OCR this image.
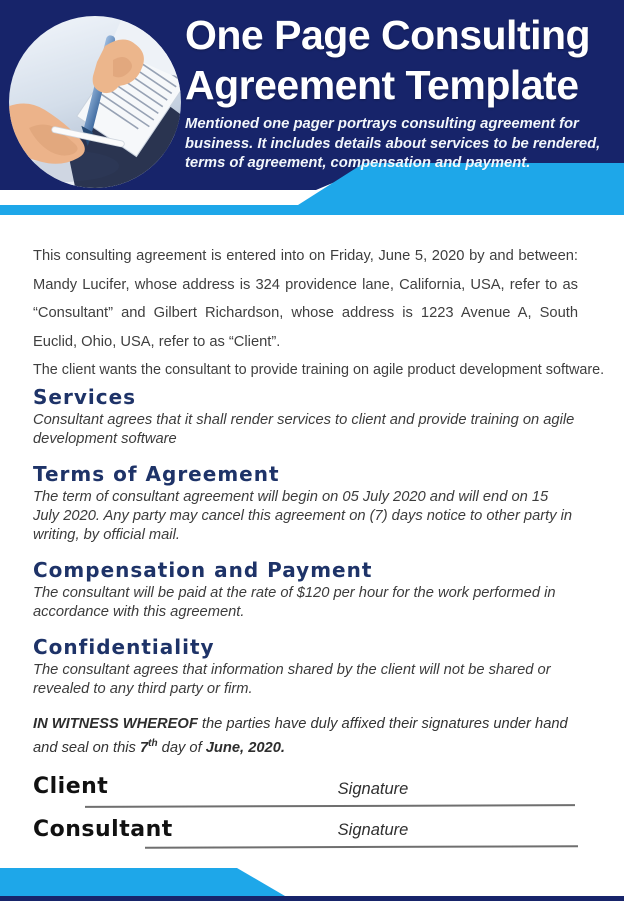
One Page Consulting
Agreement Template
Mentioned one pager portrays consulting agreement for
business. It includes details about services to be rendered,
terms of agreement, compensation and payment.

This consulting agreement is entered into on Friday, June 5, 2020 by and between: Mandy Lucifer, whose address is 324 providence lane, California, USA, refer to as “Consultant” and Gilbert Richardson, whose address is 1223 Avenue A, South Euclid, Ohio, USA, refer to as “Client”.

The client wants the consultant to provide training on agile product development software.

Services

Consultant agrees that it shall render services to client and provide training on agile development software

Terms of Agreement

The term of consultant agreement will begin on 05 July 2020 and will end on 15 July 2020. Any party may cancel this agreement on (7) days notice to other party in writing, by official mail.

Compensation and Payment

The consultant will be paid at the rate of $120 per hour for the work performed in accordance with this agreement.

Confidentiality

The consultant agrees that information shared by the client will not be shared or revealed to any third party or firm.

IN WITNESS WHEREOF the parties have duly affixed their signatures under hand and seal on this 7th day of June, 2020.

Client	Signature
Consultant	Signature
